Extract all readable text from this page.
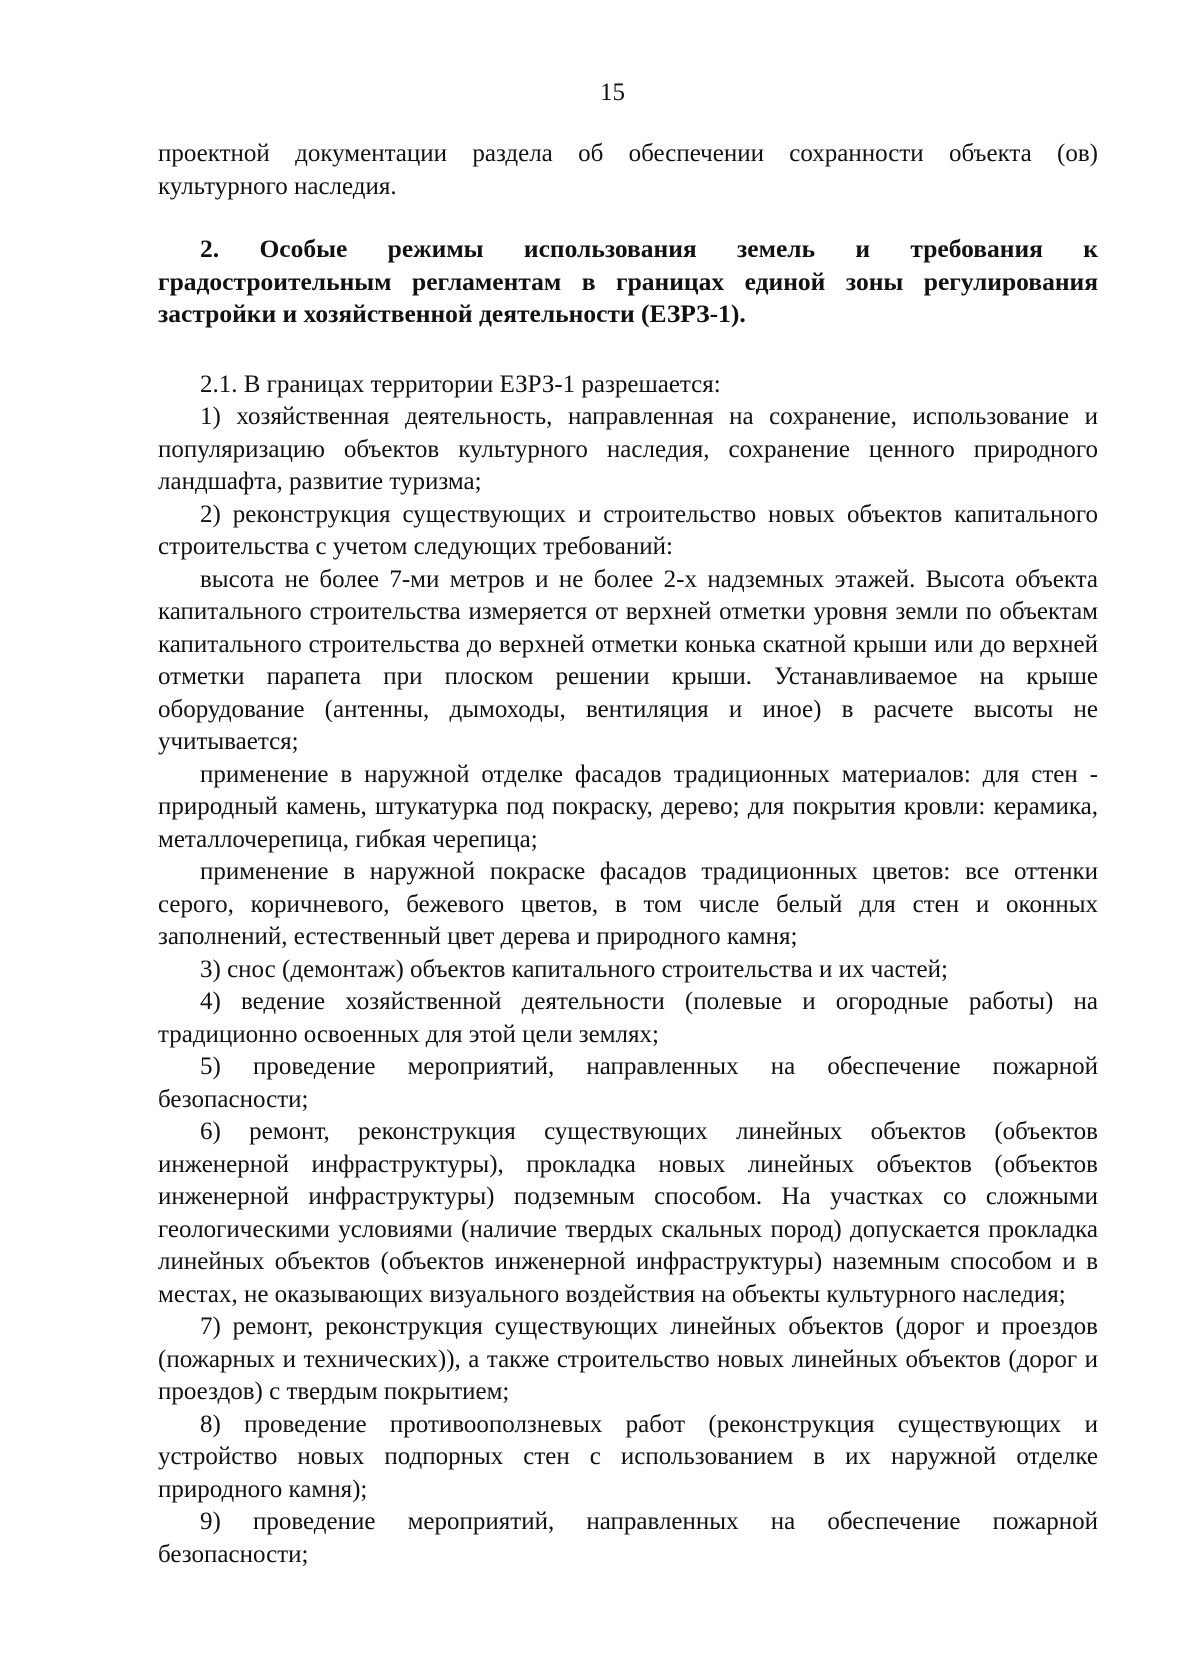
15

проектной документации раздела об обеспечении сохранности объекта (ов) культурного наследия.

2. Особые режимы использования земель и требования к градостроительным регламентам в границах единой зоны регулирования застройки и хозяйственной деятельности (ЕЗРЗ-1).

2.1. В границах территории ЕЗРЗ-1 разрешается:

1) хозяйственная деятельность, направленная на сохранение, использование и популяризацию объектов культурного наследия, сохранение ценного природного ландшафта, развитие туризма;

2) реконструкция существующих и строительство новых объектов капитального строительства с учетом следующих требований:

высота не более 7-ми метров и не более 2-х надземных этажей. Высота объекта капитального строительства измеряется от верхней отметки уровня земли по объектам капитального строительства до верхней отметки конька скатной крыши или до верхней отметки парапета при плоском решении крыши. Устанавливаемое на крыше оборудование (антенны, дымоходы, вентиляция и иное) в расчете высоты не учитывается;

применение в наружной отделке фасадов традиционных материалов: для стен - природный камень, штукатурка под покраску, дерево; для покрытия кровли: керамика, металлочерепица, гибкая черепица;

применение в наружной покраске фасадов традиционных цветов: все оттенки серого, коричневого, бежевого цветов, в том числе белый для стен и оконных заполнений, естественный цвет дерева и природного камня;

3) снос (демонтаж) объектов капитального строительства и их частей;

4) ведение хозяйственной деятельности (полевые и огородные работы) на традиционно освоенных для этой цели землях;

5) проведение мероприятий, направленных на обеспечение пожарной безопасности;

6) ремонт, реконструкция существующих линейных объектов (объектов инженерной инфраструктуры), прокладка новых линейных объектов (объектов инженерной инфраструктуры) подземным способом. На участках со сложными геологическими условиями (наличие твердых скальных пород) допускается прокладка линейных объектов (объектов инженерной инфраструктуры) наземным способом и в местах, не оказывающих визуального воздействия на объекты культурного наследия;

7) ремонт, реконструкция существующих линейных объектов (дорог и проездов (пожарных и технических)), а также строительство новых линейных объектов (дорог и проездов) с твердым покрытием;

8) проведение противооползневых работ (реконструкция существующих и устройство новых подпорных стен с использованием в их наружной отделке природного камня);

9) проведение мероприятий, направленных на обеспечение пожарной безопасности;
